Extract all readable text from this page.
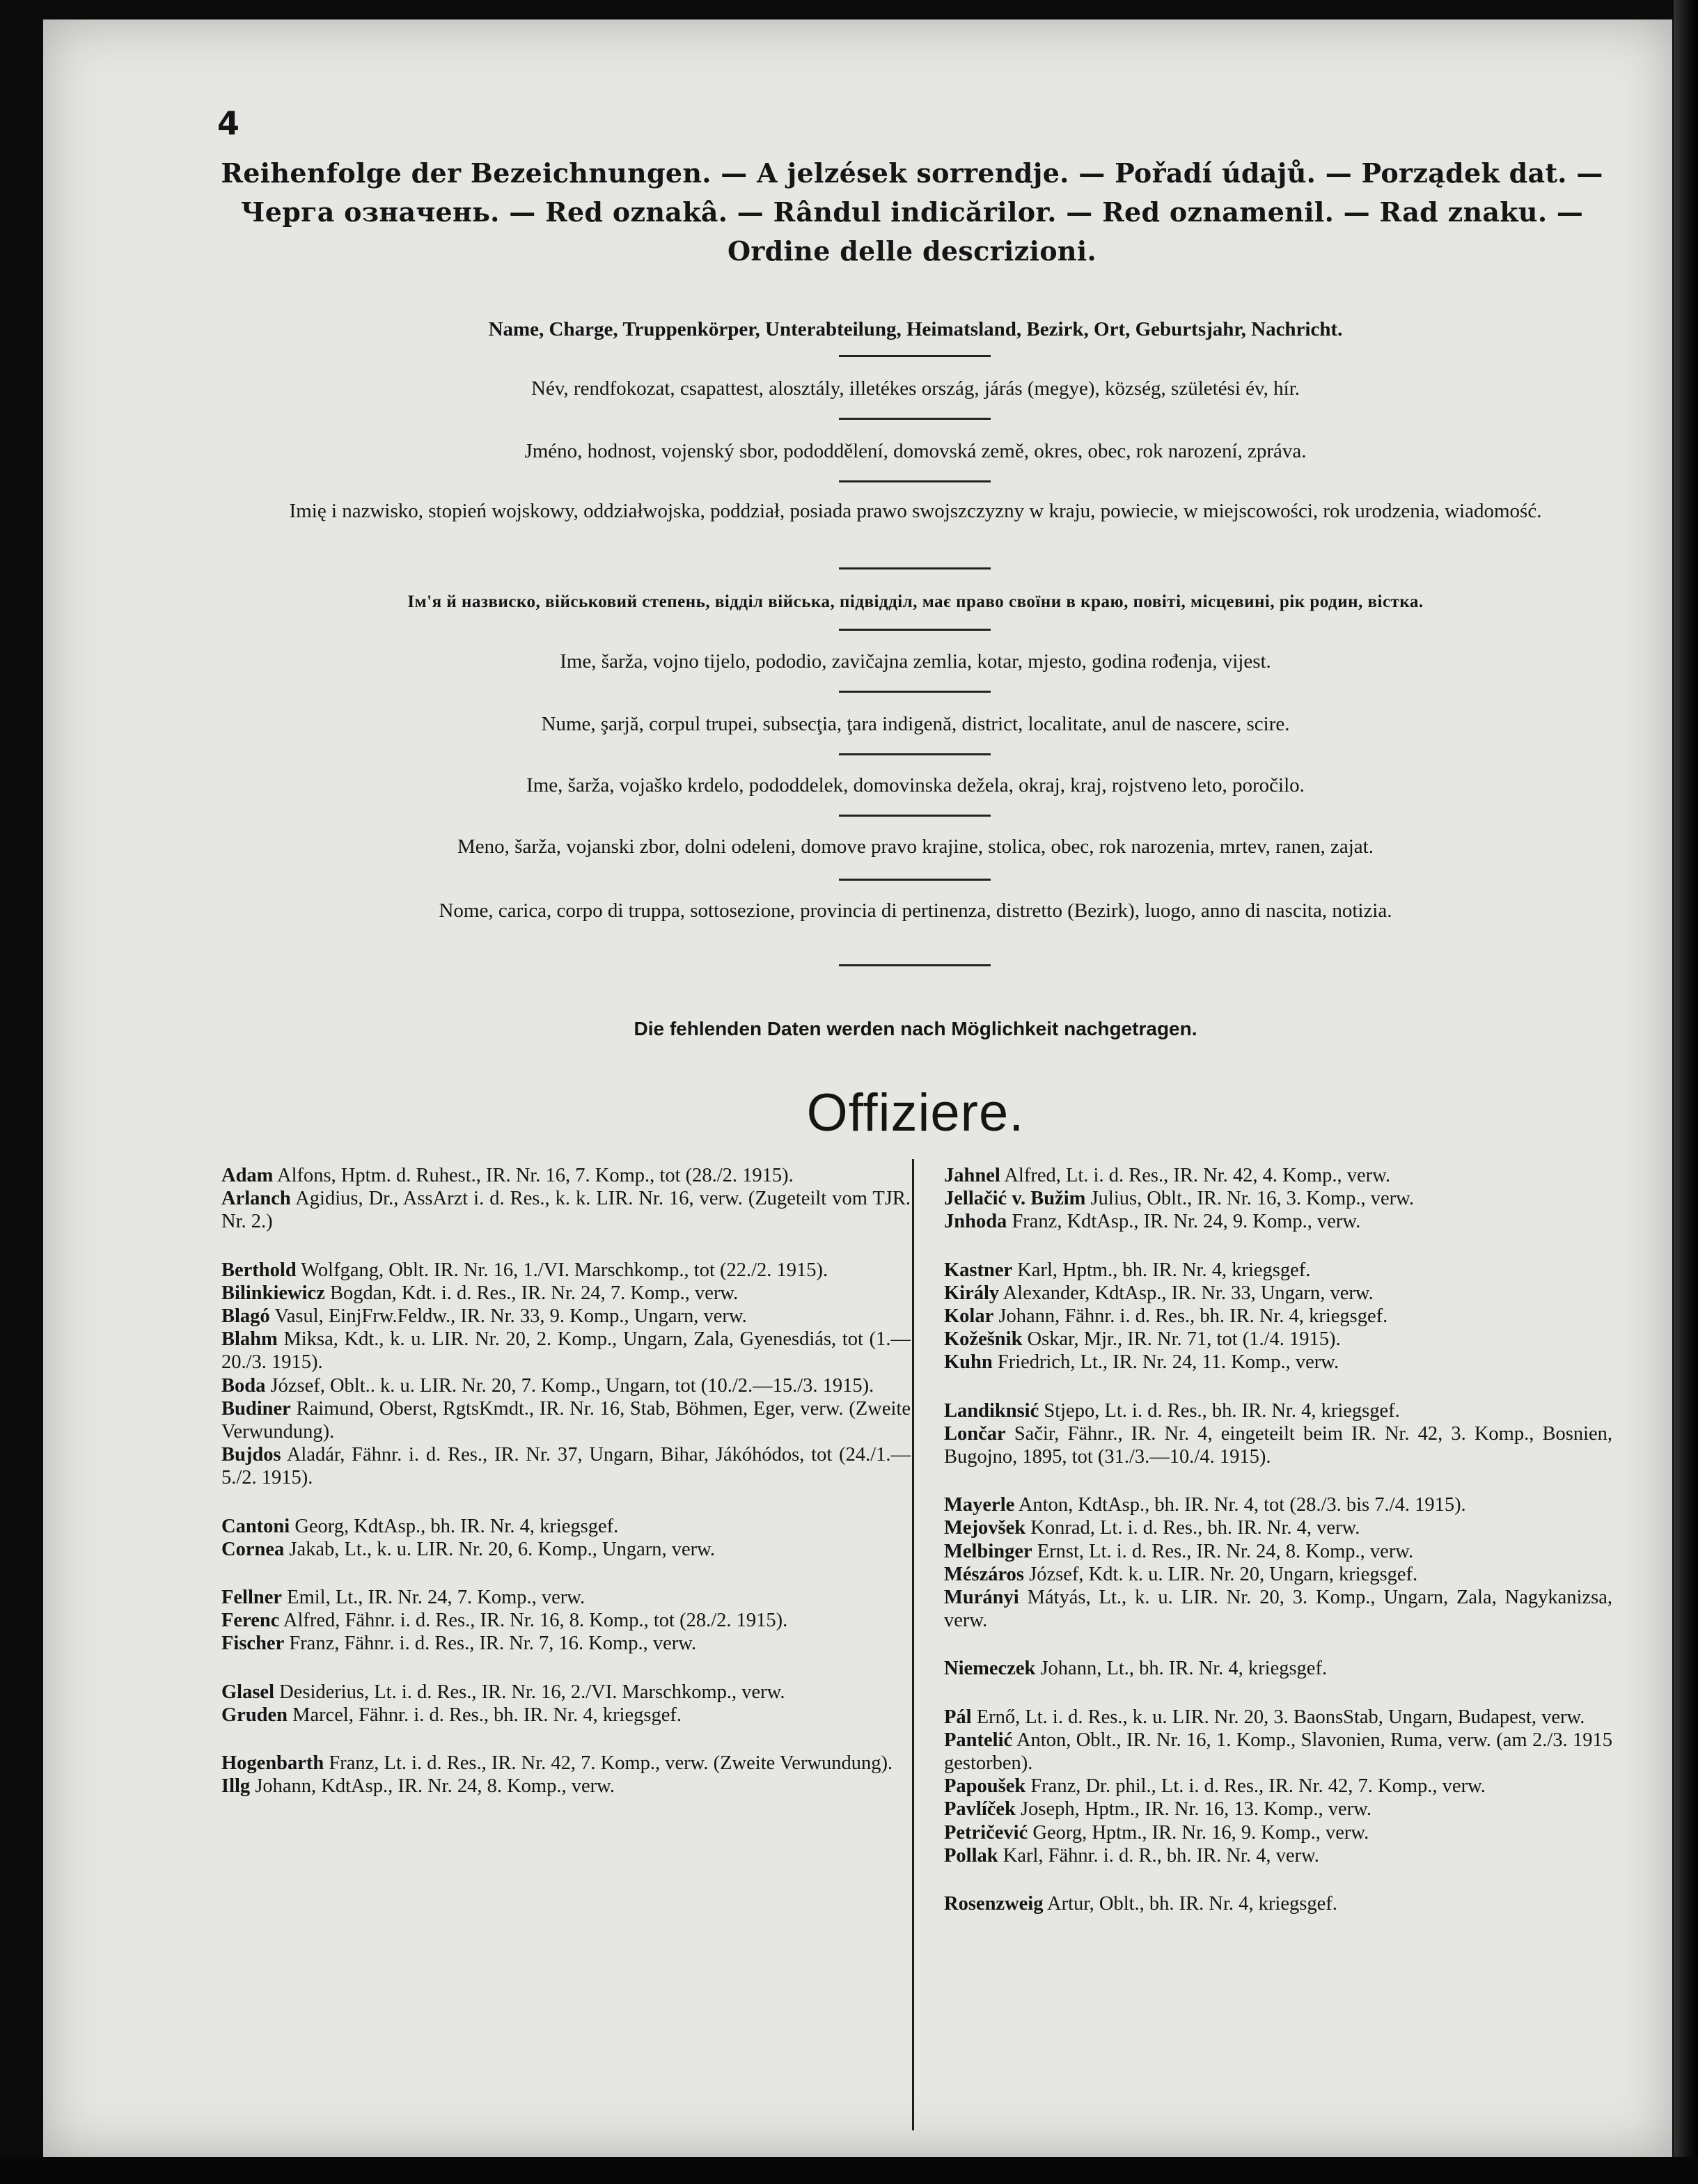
4
Reihenfolge der Bezeichnungen. — A jelzések sorrendje. — Pořadí údajů. — Porządek dat. —
Черга означень. — Red oznakâ. — Rândul indicărilor. — Red oznamenil. — Rad znaku. —
Ordine delle descrizioni.
Name, Charge, Truppenkörper, Unterabteilung, Heimatsland, Bezirk, Ort, Geburtsjahr, Nachricht.
Név, rendfokozat, csapattest, alosztály, illetékes ország, járás (megye), község, születési év, hír.
Jméno, hodnost, vojenský sbor, pododdělení, domovská země, okres, obec, rok narození, zpráva.
Imię i nazwisko, stopień wojskowy, oddziałwojska, poddział, posiada prawo swojszczyzny w kraju, powiecie, w miejscowości, rok urodzenia, wiadomość.
Ім'я й назвиско, військовий степень, відділ війська, підвідділ, має право своїни в краю, повіті, місцевині, рік родин, вістка.
Ime, šarža, vojno tijelo, pododio, zavičajna zemlia, kotar, mjesto, godina rođenja, vijest.
Nume, şarjă, corpul trupei, subsecţia, ţara indigenă, district, localitate, anul de nascere, scire.
Ime, šarža, vojaško krdelo, pododdelek, domovinska dežela, okraj, kraj, rojstveno leto, poročilo.
Meno, šarža, vojanski zbor, dolni odeleni, domove pravo krajine, stolica, obec, rok narozenia, mrtev, ranen, zajat.
Nome, carica, corpo di truppa, sottosezione, provincia di pertinenza, distretto (Bezirk), luogo, anno di nascita, notizia.
Die fehlenden Daten werden nach Möglichkeit nachgetragen.
Offiziere.

Adam Alfons, Hptm. d. Ruhest., IR. Nr. 16, 7. Komp., tot (28./2. 1915).

Arlanch Agidius, Dr., AssArzt i. d. Res., k. k. LIR. Nr. 16, verw. (Zugeteilt vom TJR. Nr. 2.)

Berthold Wolfgang, Oblt. IR. Nr. 16, 1./VI. Marschkomp., tot (22./2. 1915).

Bilinkiewicz Bogdan, Kdt. i. d. Res., IR. Nr. 24, 7. Komp., verw.

Blagó Vasul, EinjFrw.Feldw., IR. Nr. 33, 9. Komp., Ungarn, verw.

Blahm Miksa, Kdt., k. u. LIR. Nr. 20, 2. Komp., Ungarn, Zala, Gyenesdiás, tot (1.—20./3. 1915).

Boda József, Oblt.. k. u. LIR. Nr. 20, 7. Komp., Ungarn, tot (10./2.—15./3. 1915).

Budiner Raimund, Oberst, RgtsKmdt., IR. Nr. 16, Stab, Böhmen, Eger, verw. (Zweite Verwundung).

Bujdos Aladár, Fähnr. i. d. Res., IR. Nr. 37, Ungarn, Bihar, Jákóhódos, tot (24./1.—5./2. 1915).

Cantoni Georg, KdtAsp., bh. IR. Nr. 4, kriegsgef.

Cornea Jakab, Lt., k. u. LIR. Nr. 20, 6. Komp., Ungarn, verw.

Fellner Emil, Lt., IR. Nr. 24, 7. Komp., verw.

Ferenc Alfred, Fähnr. i. d. Res., IR. Nr. 16, 8. Komp., tot (28./2. 1915).

Fischer Franz, Fähnr. i. d. Res., IR. Nr. 7, 16. Komp., verw.

Glasel Desiderius, Lt. i. d. Res., IR. Nr. 16, 2./VI. Marschkomp., verw.

Gruden Marcel, Fähnr. i. d. Res., bh. IR. Nr. 4, kriegsgef.

Hogenbarth Franz, Lt. i. d. Res., IR. Nr. 42, 7. Komp., verw. (Zweite Verwundung).

Illg Johann, KdtAsp., IR. Nr. 24, 8. Komp., verw.

Jahnel Alfred, Lt. i. d. Res., IR. Nr. 42, 4. Komp., verw.

Jellačić v. Bužim Julius, Oblt., IR. Nr. 16, 3. Komp., verw.

Jnhoda Franz, KdtAsp., IR. Nr. 24, 9. Komp., verw.

Kastner Karl, Hptm., bh. IR. Nr. 4, kriegsgef.

Király Alexander, KdtAsp., IR. Nr. 33, Ungarn, verw.

Kolar Johann, Fähnr. i. d. Res., bh. IR. Nr. 4, kriegsgef.

Kožešnik Oskar, Mjr., IR. Nr. 71, tot (1./4. 1915).

Kuhn Friedrich, Lt., IR. Nr. 24, 11. Komp., verw.

Landiknsić Stjepo, Lt. i. d. Res., bh. IR. Nr. 4, kriegsgef.

Lončar Sačir, Fähnr., IR. Nr. 4, eingeteilt beim IR. Nr. 42, 3. Komp., Bosnien, Bugojno, 1895, tot (31./3.—10./4. 1915).

Mayerle Anton, KdtAsp., bh. IR. Nr. 4, tot (28./3. bis 7./4. 1915).

Mejovšek Konrad, Lt. i. d. Res., bh. IR. Nr. 4, verw.

Melbinger Ernst, Lt. i. d. Res., IR. Nr. 24, 8. Komp., verw.

Mészáros József, Kdt. k. u. LIR. Nr. 20, Ungarn, kriegsgef.

Murányi Mátyás, Lt., k. u. LIR. Nr. 20, 3. Komp., Ungarn, Zala, Nagykanizsa, verw.

Niemeczek Johann, Lt., bh. IR. Nr. 4, kriegsgef.

Pál Ernő, Lt. i. d. Res., k. u. LIR. Nr. 20, 3. BaonsStab, Ungarn, Budapest, verw.

Pantelić Anton, Oblt., IR. Nr. 16, 1. Komp., Slavonien, Ruma, verw. (am 2./3. 1915 gestorben).

Papoušek Franz, Dr. phil., Lt. i. d. Res., IR. Nr. 42, 7. Komp., verw.

Pavlíček Joseph, Hptm., IR. Nr. 16, 13. Komp., verw.

Petričević Georg, Hptm., IR. Nr. 16, 9. Komp., verw.

Pollak Karl, Fähnr. i. d. R., bh. IR. Nr. 4, verw.

Rosenzweig Artur, Oblt., bh. IR. Nr. 4, kriegsgef.
